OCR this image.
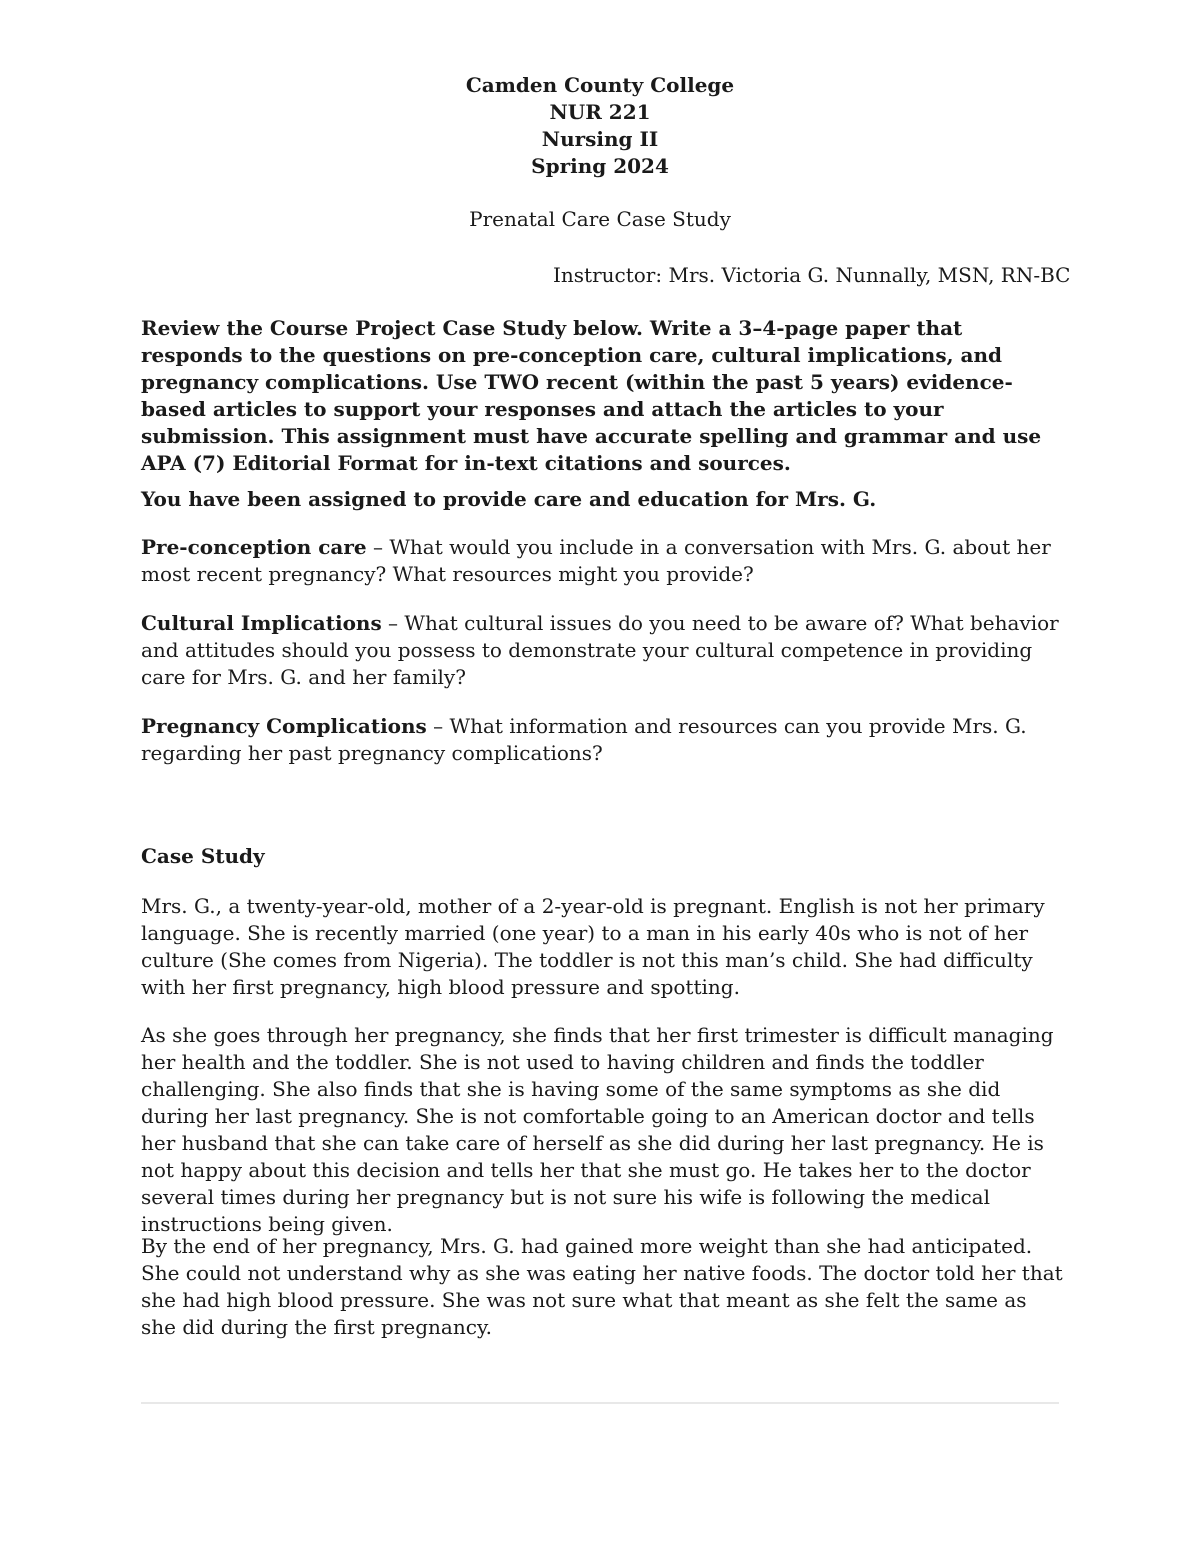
Camden County College
NUR 221
Nursing II
Spring 2024
Prenatal Care Case Study
Instructor: Mrs. Victoria G. Nunnally, MSN, RN-BC
Review the Course Project Case Study below. Write a 3–4-page paper that responds to the questions on pre-conception care, cultural implications, and pregnancy complications. Use TWO recent (within the past 5 years) evidence-based articles to support your responses and attach the articles to your submission. This assignment must have accurate spelling and grammar and use APA (7) Editorial Format for in-text citations and sources.
You have been assigned to provide care and education for Mrs. G.
Pre-conception care – What would you include in a conversation with Mrs. G. about her most recent pregnancy? What resources might you provide?
Cultural Implications – What cultural issues do you need to be aware of? What behavior and attitudes should you possess to demonstrate your cultural competence in providing care for Mrs. G. and her family?
Pregnancy Complications – What information and resources can you provide Mrs. G. regarding her past pregnancy complications?
Case Study
Mrs. G., a twenty-year-old, mother of a 2-year-old is pregnant. English is not her primary language. She is recently married (one year) to a man in his early 40s who is not of her culture (She comes from Nigeria). The toddler is not this man’s child. She had difficulty with her first pregnancy, high blood pressure and spotting.
As she goes through her pregnancy, she finds that her first trimester is difficult managing her health and the toddler. She is not used to having children and finds the toddler challenging. She also finds that she is having some of the same symptoms as she did during her last pregnancy. She is not comfortable going to an American doctor and tells her husband that she can take care of herself as she did during her last pregnancy. He is not happy about this decision and tells her that she must go. He takes her to the doctor several times during her pregnancy but is not sure his wife is following the medical instructions being given.
By the end of her pregnancy, Mrs. G. had gained more weight than she had anticipated. She could not understand why as she was eating her native foods. The doctor told her that she had high blood pressure. She was not sure what that meant as she felt the same as she did during the first pregnancy.
